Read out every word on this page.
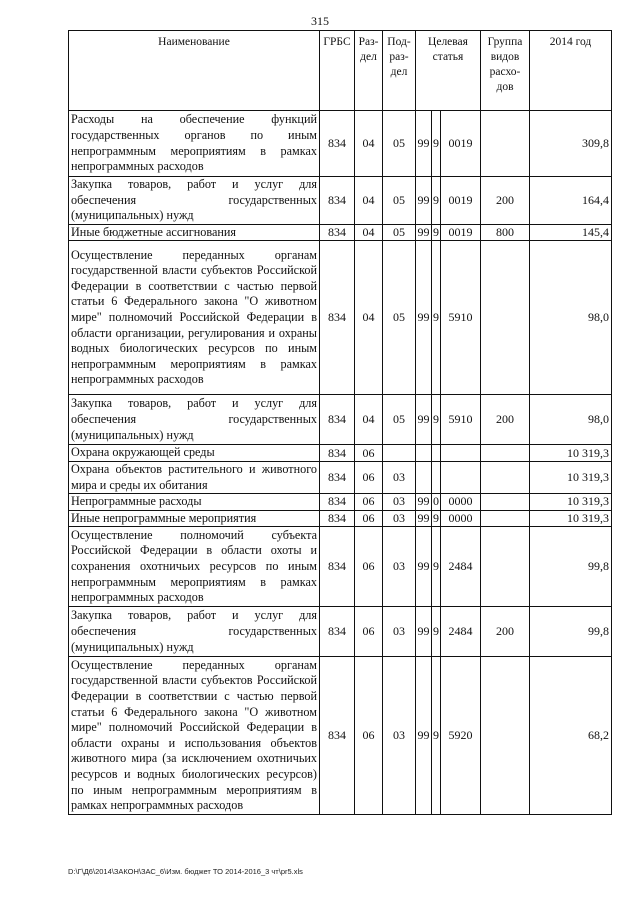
315
Наименование	ГРБС	Раз-дел	Под-раз-дел	Целевая статья			Группа видов расхо-дов	2014 год
Расходы на обеспечение функций государственных органов по иным непрограммным мероприятиям в рамках непрограммных расходов	834	04	05	99	9	0019		309,8
Закупка товаров, работ и услуг для обеспечения государственных (муниципальных) нужд	834	04	05	99	9	0019	200	164,4
Иные бюджетные ассигнования	834	04	05	99	9	0019	800	145,4
Осуществление переданных органам государственной власти субъектов Российской Федерации в соответствии с частью первой статьи 6 Федерального закона "О животном мире" полномочий Российской Федерации в области организации, регулирования и охраны водных биологических ресурсов по иным непрограммным мероприятиям в рамках непрограммных расходов	834	04	05	99	9	5910		98,0
Закупка товаров, работ и услуг для обеспечения государственных (муниципальных) нужд	834	04	05	99	9	5910	200	98,0
Охрана окружающей среды	834	06						10 319,3
Охрана объектов растительного и животного мира и среды их обитания	834	06	03					10 319,3
Непрограммные расходы	834	06	03	99	0	0000		10 319,3
Иные непрограммные мероприятия	834	06	03	99	9	0000		10 319,3
Осуществление полномочий субъекта Российской Федерации в области охоты и сохранения охотничьих ресурсов по иным непрограммным мероприятиям в рамках непрограммных расходов	834	06	03	99	9	2484		99,8
Закупка товаров, работ и услуг для обеспечения государственных (муниципальных) нужд	834	06	03	99	9	2484	200	99,8
Осуществление переданных органам государственной власти субъектов Российской Федерации в соответствии с частью первой статьи 6 Федерального закона "О животном мире" полномочий Российской Федерации в области охраны и использования объектов животного мира (за исключением охотничьих ресурсов и водных биологических ресурсов) по иным непрограммным мероприятиям в рамках непрограммных расходов	834	06	03	99	9	5920		68,2
D:\Г\Д6\2014\ЗАКОН\ЗАС_6\Изм. бюджет ТО 2014-2016_3 чт\pr5.xls
